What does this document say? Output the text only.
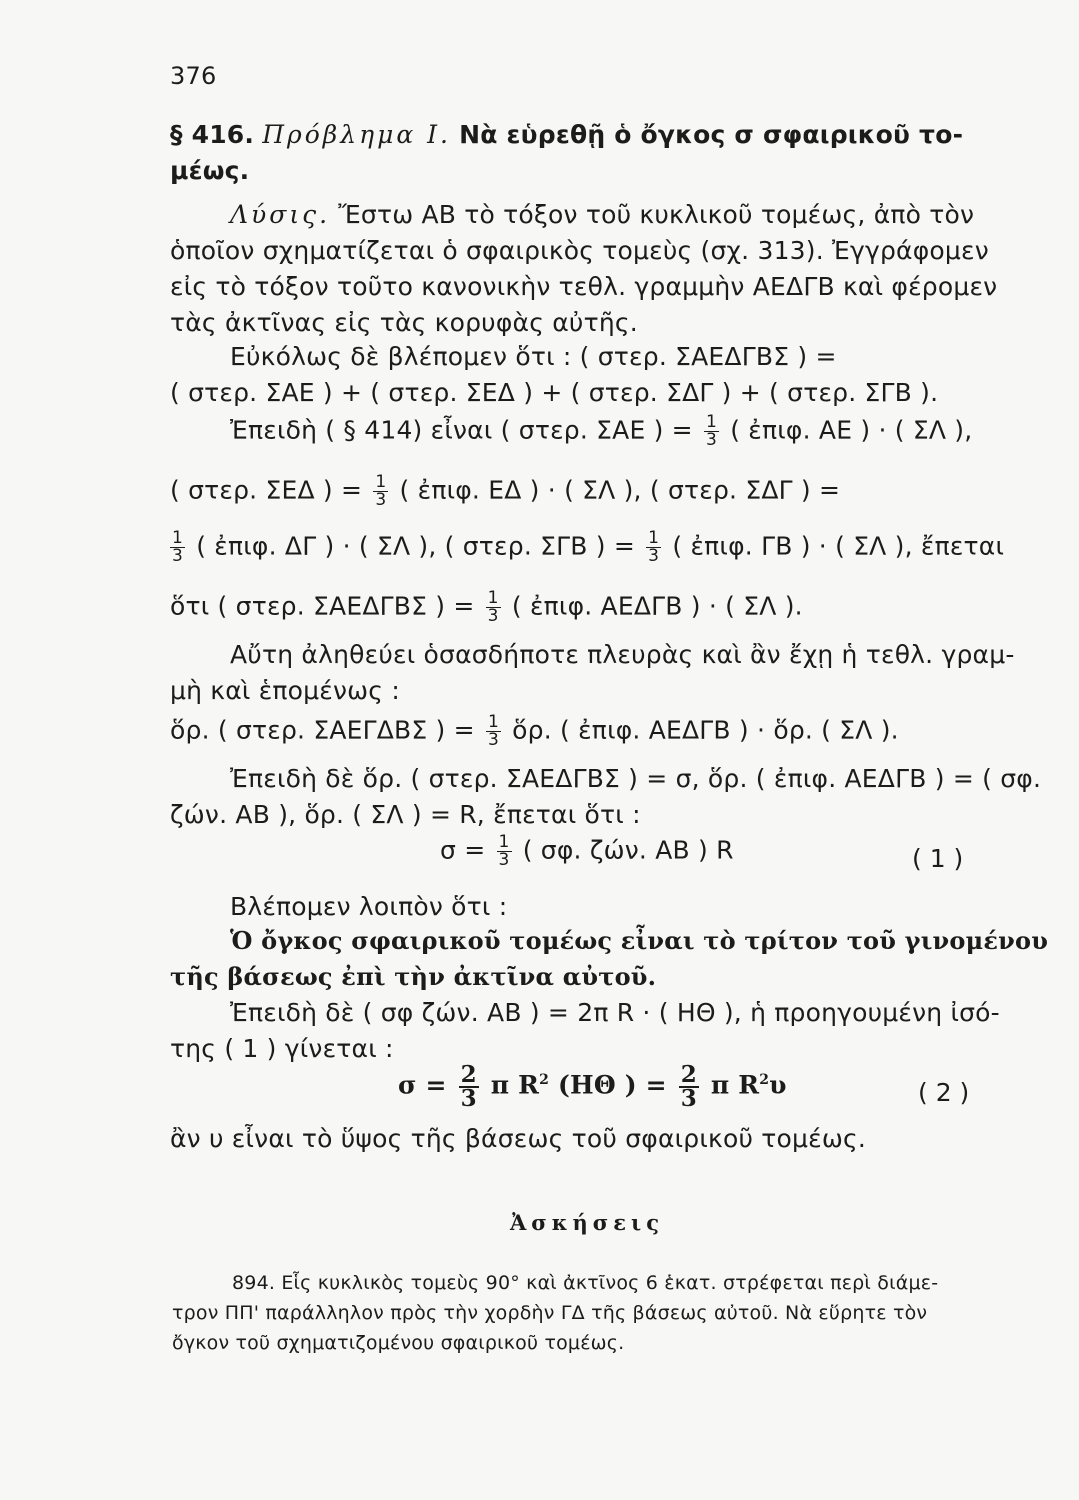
376
§ 416. Πρόβλημα I. Νὰ εὑρεθῇ ὁ ὄγκος σ σφαιρικοῦ το-
μέως.
Λύσις. Ἔστω ΑΒ τὸ τόξον τοῦ κυκλικοῦ τομέως, ἀπὸ τὸν
ὁποῖον σχηματίζεται ὁ σφαιρικὸς τομεὺς (σχ. 313). Ἐγγράφομεν
εἰς τὸ τόξον τοῦτο κανονικὴν τεθλ. γραμμὴν ΑΕΔΓΒ καὶ φέρομεν
τὰς ἀκτῖνας εἰς τὰς κορυφὰς αὐτῆς.
Εὐκόλως δὲ βλέπομεν ὅτι : ( στερ. ΣΑΕΔΓΒΣ ) =
( στερ. ΣΑΕ ) + ( στερ. ΣΕΔ ) + ( στερ. ΣΔΓ ) + ( στερ. ΣΓΒ ).
Ἐπειδὴ ( § 414) εἶναι ( στερ. ΣΑΕ ) = $\frac{1}{3}$ ( ἐπιφ. ΑΕ ) · ( ΣΛ ),
( στερ. ΣΕΔ ) = $\frac{1}{3}$ ( ἐπιφ. ΕΔ ) · ( ΣΛ ), ( στερ. ΣΔΓ ) =
$\frac{1}{3}$ ( ἐπιφ. ΔΓ ) · ( ΣΛ ), ( στερ. ΣΓΒ ) = $\frac{1}{3}$ ( ἐπιφ. ΓΒ ) · ( ΣΛ ), ἔπεται
ὅτι ( στερ. ΣΑΕΔΓΒΣ ) = $\frac{1}{3}$ ( ἐπιφ. ΑΕΔΓΒ ) · ( ΣΛ ).
Αὔτη ἀληθεύει ὁσασδήποτε πλευρὰς καὶ ἂν ἔχῃ ἡ τεθλ. γραμ-
μὴ καὶ ἑπομένως :
ὅρ. ( στερ. ΣΑΕΓΔΒΣ ) = $\frac{1}{3}$ ὅρ. ( ἐπιφ. ΑΕΔΓΒ ) · ὅρ. ( ΣΛ ).
Ἐπειδὴ δὲ ὅρ. ( στερ. ΣΑΕΔΓΒΣ ) = σ, ὅρ. ( ἐπιφ. ΑΕΔΓΒ ) = ( σφ.
ζών. ΑΒ ), ὅρ. ( ΣΛ ) = R, ἔπεται ὅτι :
$\sigma = \frac{1}{3}$ ( σφ. ζών. ΑΒ ) R	( 1 )
Βλέπομεν λοιπὸν ὅτι :
Ὁ ὄγκος σφαιρικοῦ τομέως εἶναι τὸ τρίτον τοῦ γινομένου
τῆς βάσεως ἐπὶ τὴν ἀκτῖνα αὐτοῦ.
Ἐπειδὴ δὲ ( σφ ζών. ΑΒ ) = 2π R · ( ΗΘ ), ἡ προηγουμένη ἰσό-
της ( 1 ) γίνεται :
$\sigma = \frac{2}{3}$ π $R^2$ (ΗΘ ) = $\frac{2}{3}$ π $R^2\upsilon$	( 2 )
ἂν υ εἶναι τὸ ὕψος τῆς βάσεως τοῦ σφαιρικοῦ τομέως.
Ἀσκήσεις
894. Εἷς κυκλικὸς τομεὺς 90° καὶ ἀκτῖνος 6 ἑκατ. στρέφεται περὶ διάμε-
τρον ΠΠ' παράλληλον πρὸς τὴν χορδὴν ΓΔ τῆς βάσεως αὐτοῦ. Νὰ εὕρητε τὸν
ὄγκον τοῦ σχηματιζομένου σφαιρικοῦ τομέως.
